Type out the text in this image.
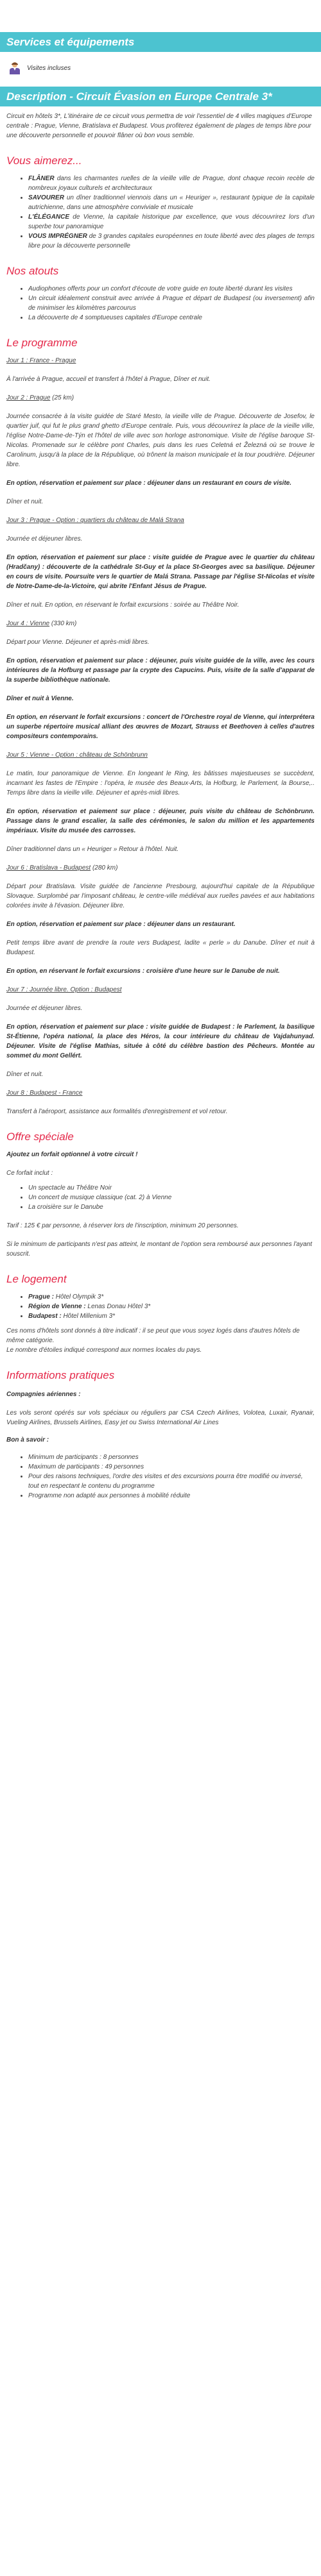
Services et équipements
Visites incluses
Description - Circuit Évasion en Europe Centrale 3*

Circuit en hôtels 3*, L'itinéraire de ce circuit vous permettra de voir l'essentiel de 4 villes magiques d'Europe centrale : Prague, Vienne, Bratislava et Budapest. Vous profiterez également de plages de temps libre pour une découverte personnelle et pouvoir flâner où bon vous semble.

Vous aimerez...
• FLÂNER dans les charmantes ruelles de la vieille ville de Prague, dont chaque recoin recèle de nombreux joyaux culturels et architecturaux
• SAVOURER un dîner traditionnel viennois dans un « Heuriger », restaurant typique de la capitale autrichienne, dans une atmosphère conviviale et musicale
• L'ÉLÉGANCE de Vienne, la capitale historique par excellence, que vous découvrirez lors d'un superbe tour panoramique
• VOUS IMPRÉGNER de 3 grandes capitales européennes en toute liberté avec des plages de temps libre pour la découverte personnelle
Nos atouts
• Audiophones offerts pour un confort d'écoute de votre guide en toute liberté durant les visites
• Un circuit idéalement construit avec arrivée à Prague et départ de Budapest (ou inversement) afin de minimiser les kilomètres parcourus
• La découverte de 4 somptueuses capitales d'Europe centrale
Le programme

Jour 1 : France - Prague

À l'arrivée à Prague, accueil et transfert à l'hôtel à Prague, Dîner et nuit.

Jour 2 : Prague (25 km)

Journée consacrée à la visite guidée de Staré Mesto, la vieille ville de Prague. Découverte de Josefov, le quartier juif, qui fut le plus grand ghetto d'Europe centrale. Puis, vous découvrirez la place de la vieille ville, l'église Notre-Dame-de-Týn et l'hôtel de ville avec son horloge astronomique. Visite de l'église baroque St-Nicolas. Promenade sur le célèbre pont Charles, puis dans les rues Celetná et Železná où se trouve le Carolinum, jusqu'à la place de la République, où trônent la maison municipale et la tour poudrière. Déjeuner libre.

En option, réservation et paiement sur place : déjeuner dans un restaurant en cours de visite.

Dîner et nuit.

Jour 3 : Prague - Option : quartiers du château de Malá Strana

Journée et déjeuner libres.

En option, réservation et paiement sur place : visite guidée de Prague avec le quartier du château (Hradčany) : découverte de la cathédrale St-Guy et la place St-Georges avec sa basilique. Déjeuner en cours de visite. Poursuite vers le quartier de Malá Strana. Passage par l'église St-Nicolas et visite de Notre-Dame-de-la-Victoire, qui abrite l'Enfant Jésus de Prague.

Dîner et nuit. En option, en réservant le forfait excursions : soirée au Théâtre Noir.

Jour 4 : Vienne (330 km)

Départ pour Vienne. Déjeuner et après-midi libres.

En option, réservation et paiement sur place : déjeuner, puis visite guidée de la ville, avec les cours intérieures de la Hofburg et passage par la crypte des Capucins. Puis, visite de la salle d'apparat de la superbe bibliothèque nationale.

Dîner et nuit à Vienne.

En option, en réservant le forfait excursions : concert de l'Orchestre royal de Vienne, qui interprétera un superbe répertoire musical alliant des œuvres de Mozart, Strauss et Beethoven à celles d'autres compositeurs contemporains.

Jour 5 : Vienne - Option : château de Schönbrunn

Le matin, tour panoramique de Vienne. En longeant le Ring, les bâtisses majestueuses se succèdent, incarnant les fastes de l'Empire : l'opéra, le musée des Beaux-Arts, la Hofburg, le Parlement, la Bourse,.. Temps libre dans la vieille ville. Déjeuner et après-midi libres.

En option, réservation et paiement sur place : déjeuner, puis visite du château de Schönbrunn. Passage dans le grand escalier, la salle des cérémonies, le salon du million et les appartements impériaux. Visite du musée des carrosses.

Dîner traditionnel dans un « Heuriger » Retour à l'hôtel. Nuit.

Jour 6 : Bratislava - Budapest (280 km)

Départ pour Bratislava. Visite guidée de l'ancienne Presbourg, aujourd'hui capitale de la République Slovaque. Surplombé par l'imposant château, le centre-ville médiéval aux ruelles pavées et aux habitations colorées invite à l'évasion. Déjeuner libre.

En option, réservation et paiement sur place : déjeuner dans un restaurant.

Petit temps libre avant de prendre la route vers Budapest, ladite « perle » du Danube. Dîner et nuit à Budapest.

En option, en réservant le forfait excursions : croisière d'une heure sur le Danube de nuit.

Jour 7 : Journée libre. Option : Budapest

Journée et déjeuner libres.

En option, réservation et paiement sur place : visite guidée de Budapest : le Parlement, la basilique St-Étienne, l'opéra national, la place des Héros, la cour intérieure du château de Vajdahunyad. Déjeuner. Visite de l'église Mathias, située à côté du célèbre bastion des Pêcheurs. Montée au sommet du mont Gellért.

Dîner et nuit.

Jour 8 : Budapest - France

Transfert à l'aéroport, assistance aux formalités d'enregistrement et vol retour.

Offre spéciale

Ajoutez un forfait optionnel à votre circuit !

Ce forfait inclut :

• Un spectacle au Théâtre Noir
• Un concert de musique classique (cat. 2) à Vienne
• La croisière sur le Danube

Tarif : 125 € par personne, à réserver lors de l'inscription, minimum 20 personnes.

Si le minimum de participants n'est pas atteint, le montant de l'option sera remboursé aux personnes l'ayant souscrit.

Le logement
• Prague : Hôtel Olympik 3*
• Région de Vienne : Lenas Donau Hôtel 3*
• Budapest : Hôtel Millenium 3*

Ces noms d'hôtels sont donnés à titre indicatif : il se peut que vous soyez logés dans d'autres hôtels de même catégorie.

Le nombre d'étoiles indiqué correspond aux normes locales du pays.

Informations pratiques
Compagnies aériennes :

Les vols seront opérés sur vols spéciaux ou réguliers par CSA Czech Airlines, Volotea, Luxair, Ryanair, Vueling Airlines, Brussels Airlines, Easy jet ou Swiss International Air Lines

Bon à savoir :
• Minimum de participants : 8 personnes
• Maximum de participants : 49 personnes
• Pour des raisons techniques, l'ordre des visites et des excursions pourra être modifié ou inversé, tout en respectant le contenu du programme
• Programme non adapté aux personnes à mobilité réduite
